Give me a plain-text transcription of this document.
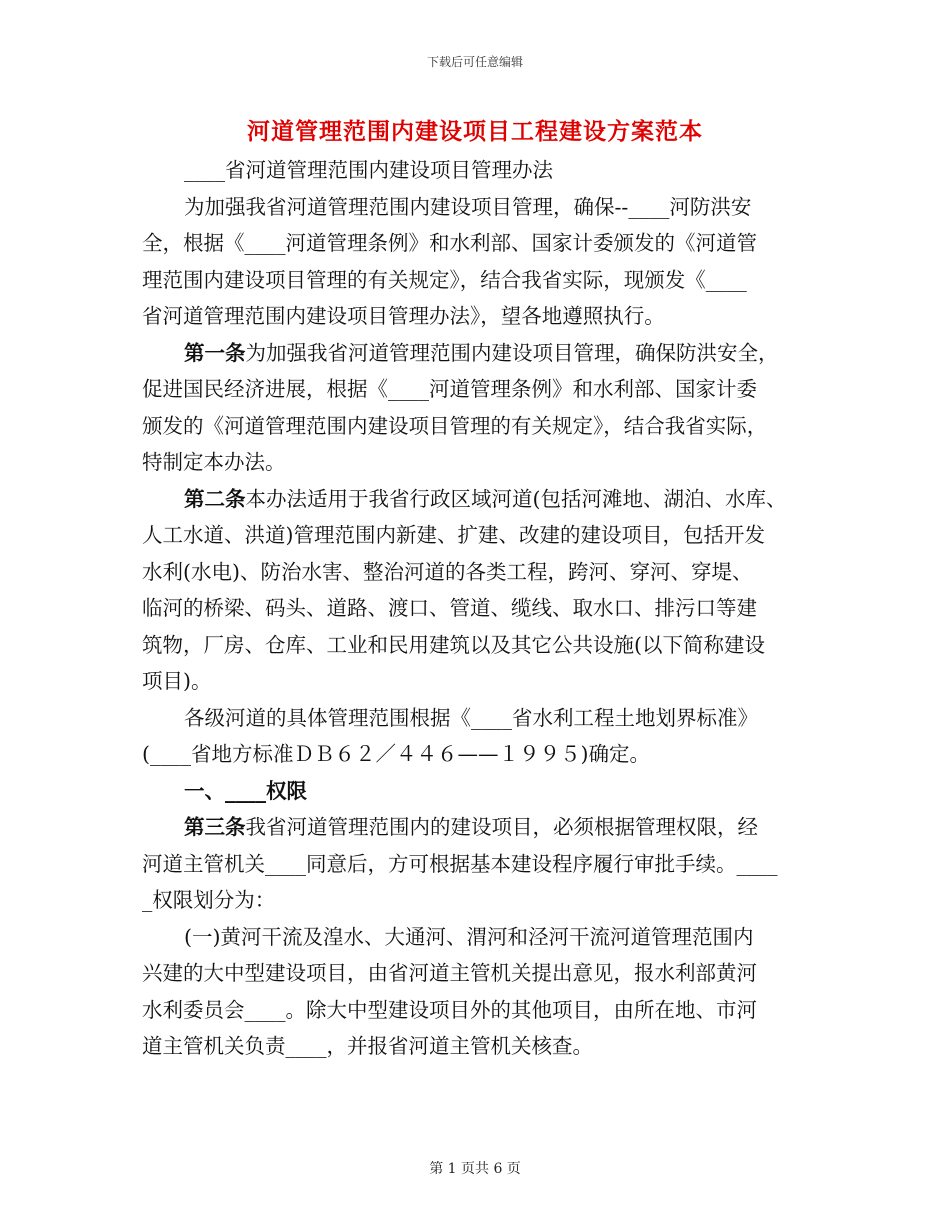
下载后可任意编辑
河道管理范围内建设项目工程建设方案范本
____省河道管理范围内建设项目管理办法
为加强我省河道管理范围内建设项目管理，确保--____河防洪安
全，根据《____河道管理条例》和水利部、国家计委颁发的《河道管
理范围内建设项目管理的有关规定》，结合我省实际，现颁发《____
省河道管理范围内建设项目管理办法》，望各地遵照执行。
第一条为加强我省河道管理范围内建设项目管理，确保防洪安全，
促进国民经济进展，根据《____河道管理条例》和水利部、国家计委
颁发的《河道管理范围内建设项目管理的有关规定》，结合我省实际，
特制定本办法。
第二条本办法适用于我省行政区域河道(包括河滩地、湖泊、水库、
人工水道、洪道)管理范围内新建、扩建、改建的建设项目，包括开发
水利(水电)、防治水害、整治河道的各类工程，跨河、穿河、穿堤、
临河的桥梁、码头、道路、渡口、管道、缆线、取水口、排污口等建
筑物，厂房、仓库、工业和民用建筑以及其它公共设施(以下简称建设
项目)。
各级河道的具体管理范围根据《____省水利工程土地划界标准》
(____省地方标准ＤＢ６２／４４６——１９９５)确定。
一、____权限
第三条我省河道管理范围内的建设项目，必须根据管理权限，经
河道主管机关____同意后，方可根据基本建设程序履行审批手续。____
_权限划分为：
(一)黄河干流及湟水、大通河、渭河和泾河干流河道管理范围内
兴建的大中型建设项目，由省河道主管机关提出意见，报水利部黄河
水利委员会____。除大中型建设项目外的其他项目，由所在地、市河
道主管机关负责____，并报省河道主管机关核查。
第 1 页共 6 页
